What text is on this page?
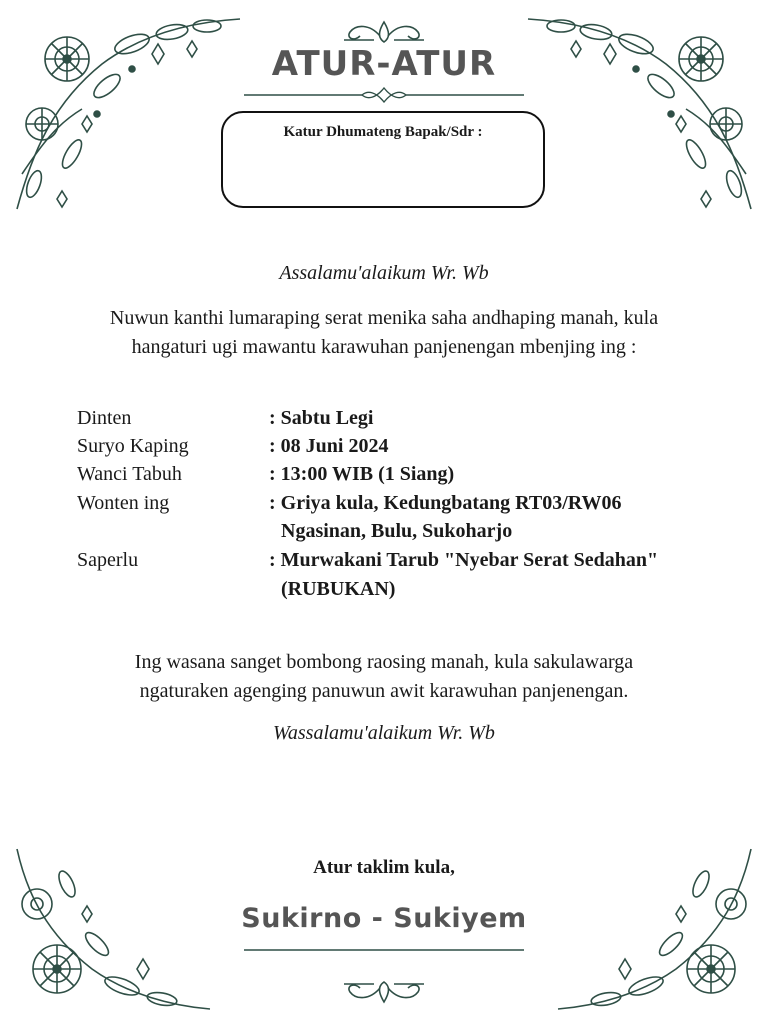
ATUR-ATUR
Katur Dhumateng Bapak/Sdr :
Assalamu'alaikum Wr. Wb
Nuwun kanthi lumaraping serat menika saha andhaping manah, kula
hangaturi ugi mawantu karawuhan panjenengan mbenjing ing :
Dinten	: Sabtu Legi
Suryo Kaping	: 08 Juni 2024
Wanci Tabuh	: 13:00 WIB (1 Siang)
Wonten ing	: Griya kula, Kedungbatang RT03/RW06
Ngasinan, Bulu, Sukoharjo
Saperlu	: Murwakani Tarub "Nyebar Serat Sedahan"
(RUBUKAN)
Ing wasana sanget bombong raosing manah, kula sakulawarga
ngaturaken agenging panuwun awit karawuhan panjenengan.
Wassalamu'alaikum Wr. Wb
Atur taklim kula,
Sukirno - Sukiyem
